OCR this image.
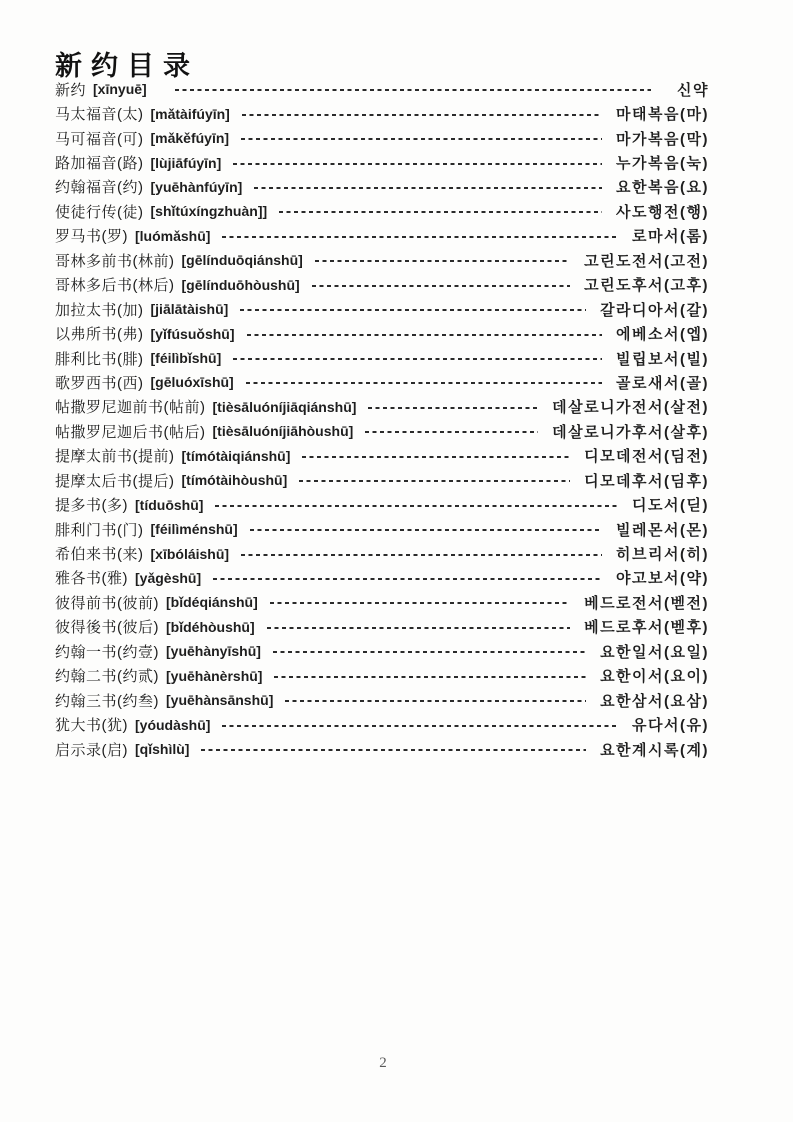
新约目录
新约 [xīnyuē]	신약
马太福音(太) [mǎtàifúyīn]	마태복음(마)
马可福音(可) [mǎkěfúyīn]	마가복음(막)
路加福音(路) [lùjiāfúyīn]	누가복음(눅)
约翰福音(约) [yuēhànfúyīn]	요한복음(요)
使徒行传(徒) [shǐtúxíngzhuàn]]	사도행전(행)
罗马书(罗) [luómǎshū]	로마서(롬)
哥林多前书(林前) [gēlínduōqiánshū]	고린도전서(고전)
哥林多后书(林后) [gēlínduōhòushū]	고린도후서(고후)
加拉太书(加) [jiālātàishū]	갈라디아서(갈)
以弗所书(弗) [yǐfúsuǒshū]	에베소서(엡)
腓利比书(腓) [féilìbǐshū]	빌립보서(빌)
歌罗西书(西) [gēluóxīshū]	골로새서(골)
帖撒罗尼迦前书(帖前) [tièsāluóníjiāqiánshū]	데살로니가전서(살전)
帖撒罗尼迦后书(帖后) [tièsāluóníjiāhòushū]	데살로니가후서(살후)
提摩太前书(提前) [tímótàiqiánshū]	디모데전서(딤전)
提摩太后书(提后) [tímótàihòushū]	디모데후서(딤후)
提多书(多) [tíduōshū]	디도서(딛)
腓利门书(门) [féilìménshū]	빌레몬서(몬)
希伯来书(来) [xībóláishū]	히브리서(히)
雅各书(雅) [yǎgèshū]	야고보서(약)
彼得前书(彼前) [bǐdéqiánshū]	베드로전서(벧전)
彼得後书(彼后) [bǐdéhòushū]	베드로후서(벧후)
约翰一书(约壹) [yuēhànyīshū]	요한일서(요일)
约翰二书(约贰) [yuēhànèrshū]	요한이서(요이)
约翰三书(约叁) [yuēhànsānshū]	요한삼서(요삼)
犹大书(犹) [yóudàshū]	유다서(유)
启示录(启) [qǐshìlù]	요한계시록(계)
2
